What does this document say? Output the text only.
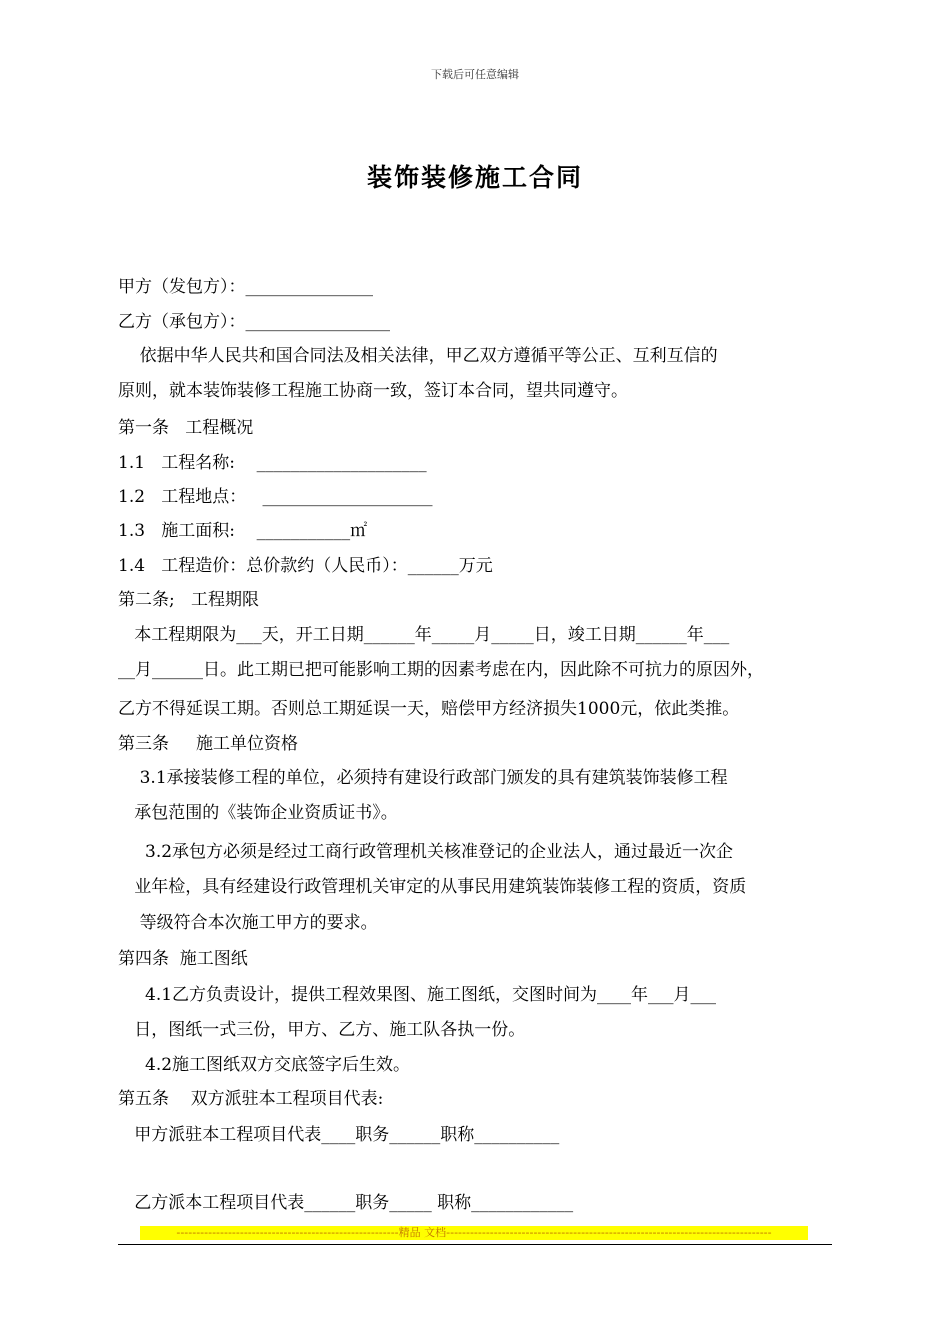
下载后可任意编辑
装饰装修施工合同
甲方（发包方）：_______________
乙方（承包方）：_________________
依据中华人民共和国合同法及相关法律，甲乙双方遵循平等公正、互利互信的
原则，就本装饰装修工程施工协商一致，签订本合同，望共同遵守。
第一条   工程概况
1.1   工程名称:    ____________________
1.2   工程地点：   ____________________
1.3   施工面积:    ___________㎡
1.4   工程造价：总价款约（人民币）：______万元
第二条;   工程期限
本工程期限为___天，开工日期______年_____月_____日，竣工日期______年___
__月______日。此工期已把可能影响工期的因素考虑在内，因此除不可抗力的原因外，
乙方不得延误工期。否则总工期延误一天，赔偿甲方经济损失1000元，依此类推。
第三条     施工单位资格
3.1承接装修工程的单位，必须持有建设行政部门颁发的具有建筑装饰装修工程
承包范围的《装饰企业资质证书》。
3.2承包方必须是经过工商行政管理机关核准登记的企业法人，通过最近一次企
业年检，具有经建设行政管理机关审定的从事民用建筑装饰装修工程的资质，资质
等级符合本次施工甲方的要求。
第四条  施工图纸
4.1乙方负责设计，提供工程效果图、施工图纸，交图时间为____年___月___
日，图纸一式三份，甲方、乙方、施工队各执一份。
4.2施工图纸双方交底签字后生效。
第五条    双方派驻本工程项目代表:
甲方派驻本工程项目代表____职务______职称__________
乙方派本工程项目代表______职务_____ 职称____________
--------------------------------------------------------精品 文档----------------------------------------------------------------------------------
